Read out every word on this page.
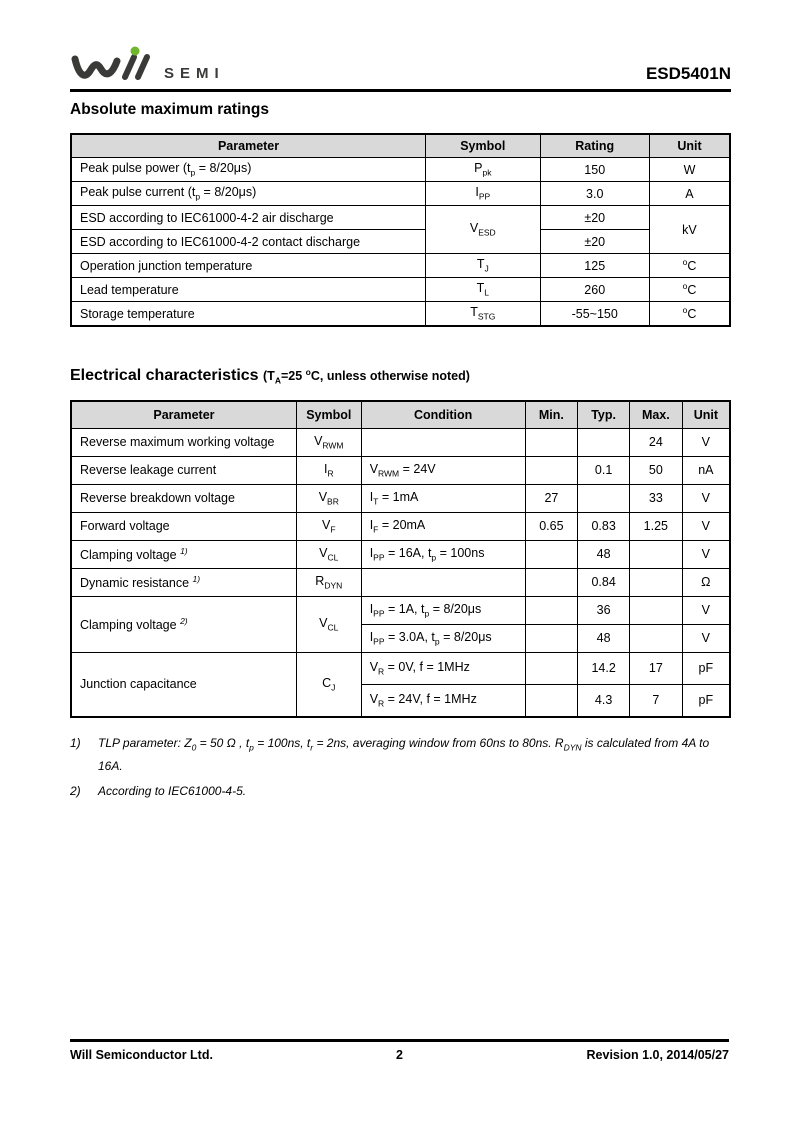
SEMI	ESD5401N
Absolute maximum ratings
Parameter	Symbol	Rating	Unit
Peak pulse power $(t_p = 8/20\mu s)$	$P_{pk}$	150	W
Peak pulse current $(t_p = 8/20\mu s)$	$I_{PP}$	3.0	A
ESD according to IEC61000-4-2 air discharge	$V_{ESD}$	±20	kV
ESD according to IEC61000-4-2 contact discharge		±20	
Operation junction temperature	$T_J$	125	$^o$C
Lead temperature	$T_L$	260	$^o$C
Storage temperature	$T_{STG}$	-55~150	$^o$C
Electrical characteristics ($T_A=25$ $^o$C, unless otherwise noted)
Parameter	Symbol	Condition	Min.	Typ.	Max.	Unit
Reverse maximum working voltage	$V_{RWM}$				24	V
Reverse leakage current	$I_R$	$V_{RWM} = 24V$		0.1	50	nA
Reverse breakdown voltage	$V_{BR}$	$I_T = 1mA$	27		33	V
Forward voltage	$V_F$	$I_F = 20mA$	0.65	0.83	1.25	V
Clamping voltage $^{1)}$	$V_{CL}$	$I_{PP} = 16A$, $t_p = 100ns$		48		V
Dynamic resistance $^{1)}$	$R_{DYN}$			0.84		Ω
Clamping voltage $^{2)}$	$V_{CL}$	$I_{PP} = 1A$, $t_p = 8/20\mu s$		36		V
		$I_{PP} = 3.0A$, $t_p = 8/20\mu s$		48		V
Junction capacitance	$C_J$	$V_R = 0V$, f = 1MHz		14.2	17	pF
		$V_R = 24V$, f = 1MHz		4.3	7	pF
1)	TLP parameter: $Z_0 = 50$ Ω , $t_p = 100ns$, $t_r = 2ns$, averaging window from 60ns to 80ns. $R_{DYN}$ is calculated from 4A to 16A.
2)	According to IEC61000-4-5.
2
Will Semiconductor Ltd.	Revision 1.0, 2014/05/27
